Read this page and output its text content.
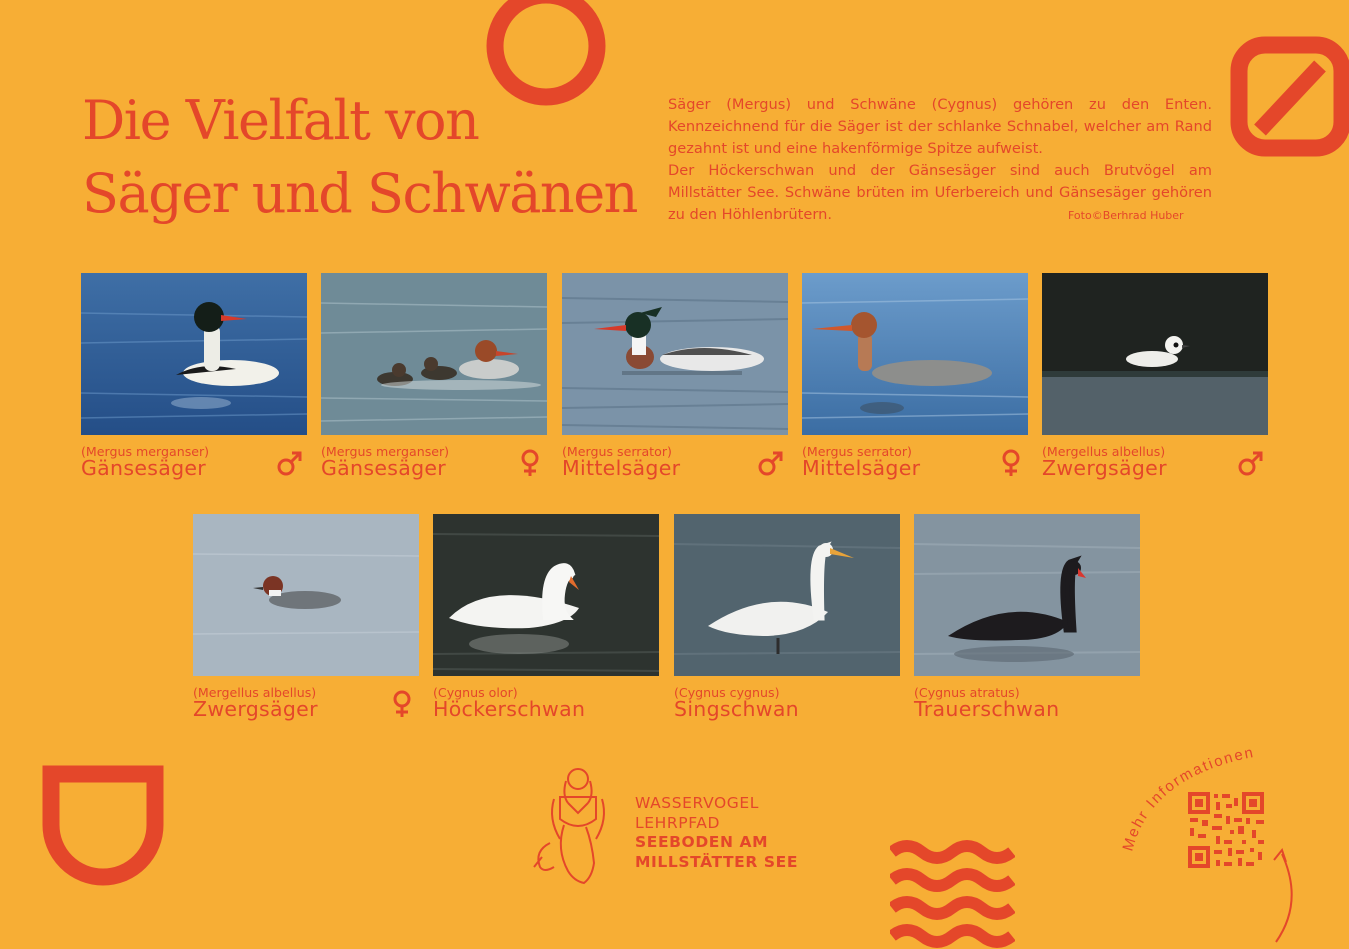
Die Vielfalt von
Säger und Schwänen

Säger (Mergus) und Schwäne (Cygnus) gehören zu den Enten. Kennzeichnend für die Säger ist der schlanke Schnabel, welcher am Rand gezahnt ist und eine hakenförmige Spitze aufweist.

Der Höckerschwan und der Gänsesäger sind auch Brutvögel am Millstätter See. Schwäne brüten im Uferbereich und Gänsesäger gehören zu den Höhlenbrütern.	Foto©Berhrad Huber
(Mergus merganser)
Gänsesäger
(Mergus merganser)
Gänsesäger
(Mergus serrator)
Mittelsäger
(Mergus serrator)
Mittelsäger
(Mergellus albellus)
Zwergsäger
(Mergellus albellus)
Zwergsäger
(Cygnus olor)
Höckerschwan
(Cygnus cygnus)
Singschwan
(Cygnus atratus)
Trauerschwan
WASSERVOGEL
LEHRPFAD
SEEBODEN AM
MILLSTÄTTER SEE
Mehr Informationen
